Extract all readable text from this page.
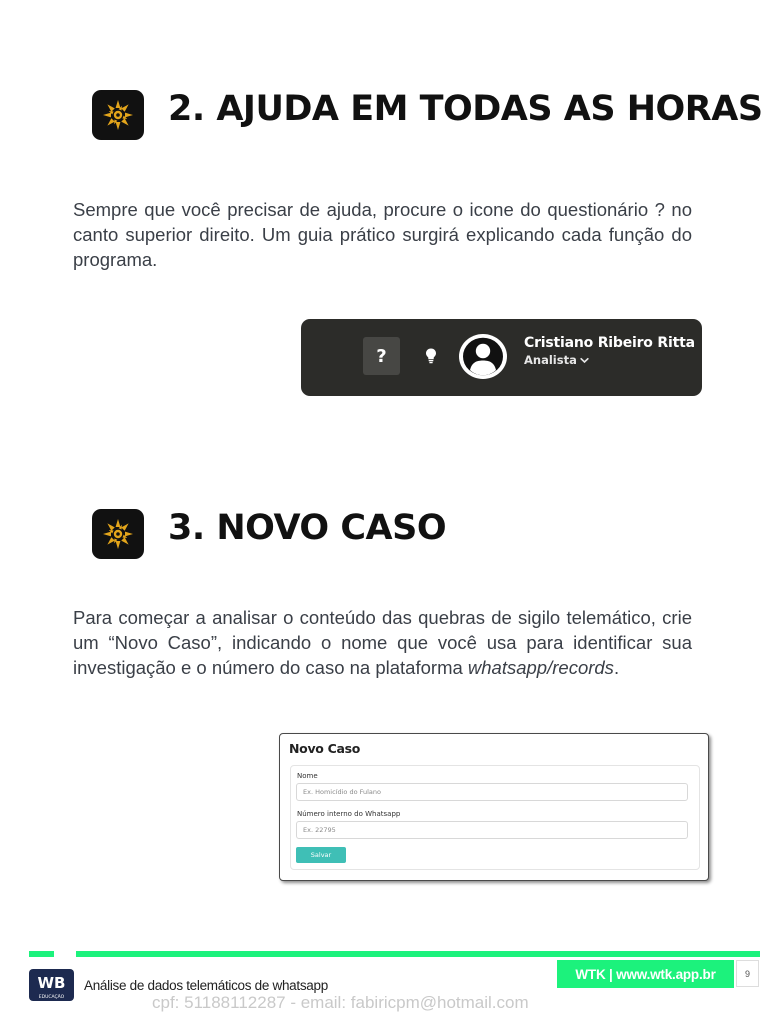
2. AJUDA EM TODAS AS HORAS
Sempre que você precisar de ajuda, procure o icone do questionário ? no canto superior direito. Um guia prático surgirá explicando cada função do programa.
?
Cristiano Ribeiro Ritta
Analista
3. NOVO CASO
Para começar a analisar o conteúdo das quebras de sigilo telemático, crie um “Novo Caso”, indicando o nome que você usa para identificar sua investigação e o número do caso na plataforma whatsapp/records.
Novo Caso
Nome
Ex. Homicídio do Fulano
Número interno do Whatsapp
Ex. 22795
Salvar
WTK | www.wtk.app.br	9
WB
EDUCAÇÃO
Análise de dados telemáticos de whatsapp
cpf: 51188112287 - email: fabiricpm@hotmail.com
